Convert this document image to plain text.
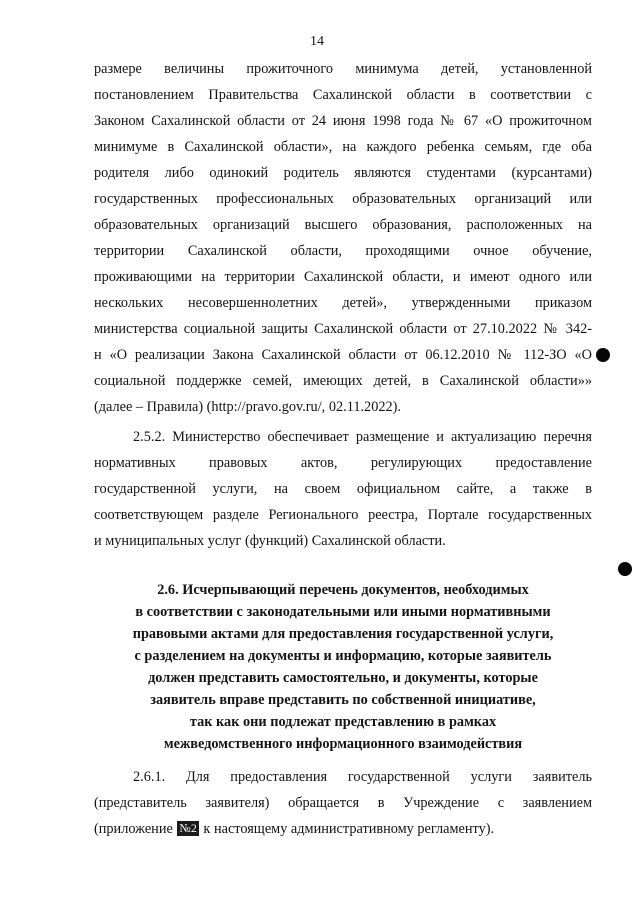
14
размере величины прожиточного минимума детей, установленной
постановлением Правительства Сахалинской области в соответствии с
Законом Сахалинской области от 24 июня 1998 года № 67 «О прожиточном
минимуме в Сахалинской области», на каждого ребенка семьям, где оба
родителя либо одинокий родитель являются студентами (курсантами)
государственных профессиональных образовательных организаций или
образовательных организаций высшего образования, расположенных на
территории Сахалинской области, проходящими очное обучение,
проживающими на территории Сахалинской области, и имеют одного или
нескольких несовершеннолетних детей», утвержденными приказом
министерства социальной защиты Сахалинской области от 27.10.2022 № 342-
н «О реализации Закона Сахалинской области от 06.12.2010 № 112-ЗО «О
социальной поддержке семей, имеющих детей, в Сахалинской области»»
(далее – Правила) (http://pravo.gov.ru/, 02.11.2022).
2.5.2. Министерство обеспечивает размещение и актуализацию перечня
нормативных правовых актов, регулирующих предоставление
государственной услуги, на своем официальном сайте, а также в
соответствующем разделе Регионального реестра, Портале государственных
и муниципальных услуг (функций) Сахалинской области.
2.6. Исчерпывающий перечень документов, необходимых
в соответствии с законодательными или иными нормативными
правовыми актами для предоставления государственной услуги,
с разделением на документы и информацию, которые заявитель
должен представить самостоятельно, и документы, которые
заявитель вправе представить по собственной инициативе,
так как они подлежат представлению в рамках
межведомственного информационного взаимодействия
2.6.1. Для предоставления государственной услуги заявитель
(представитель заявителя) обращается в Учреждение с заявлением
(приложение №2 к настоящему административному регламенту).
